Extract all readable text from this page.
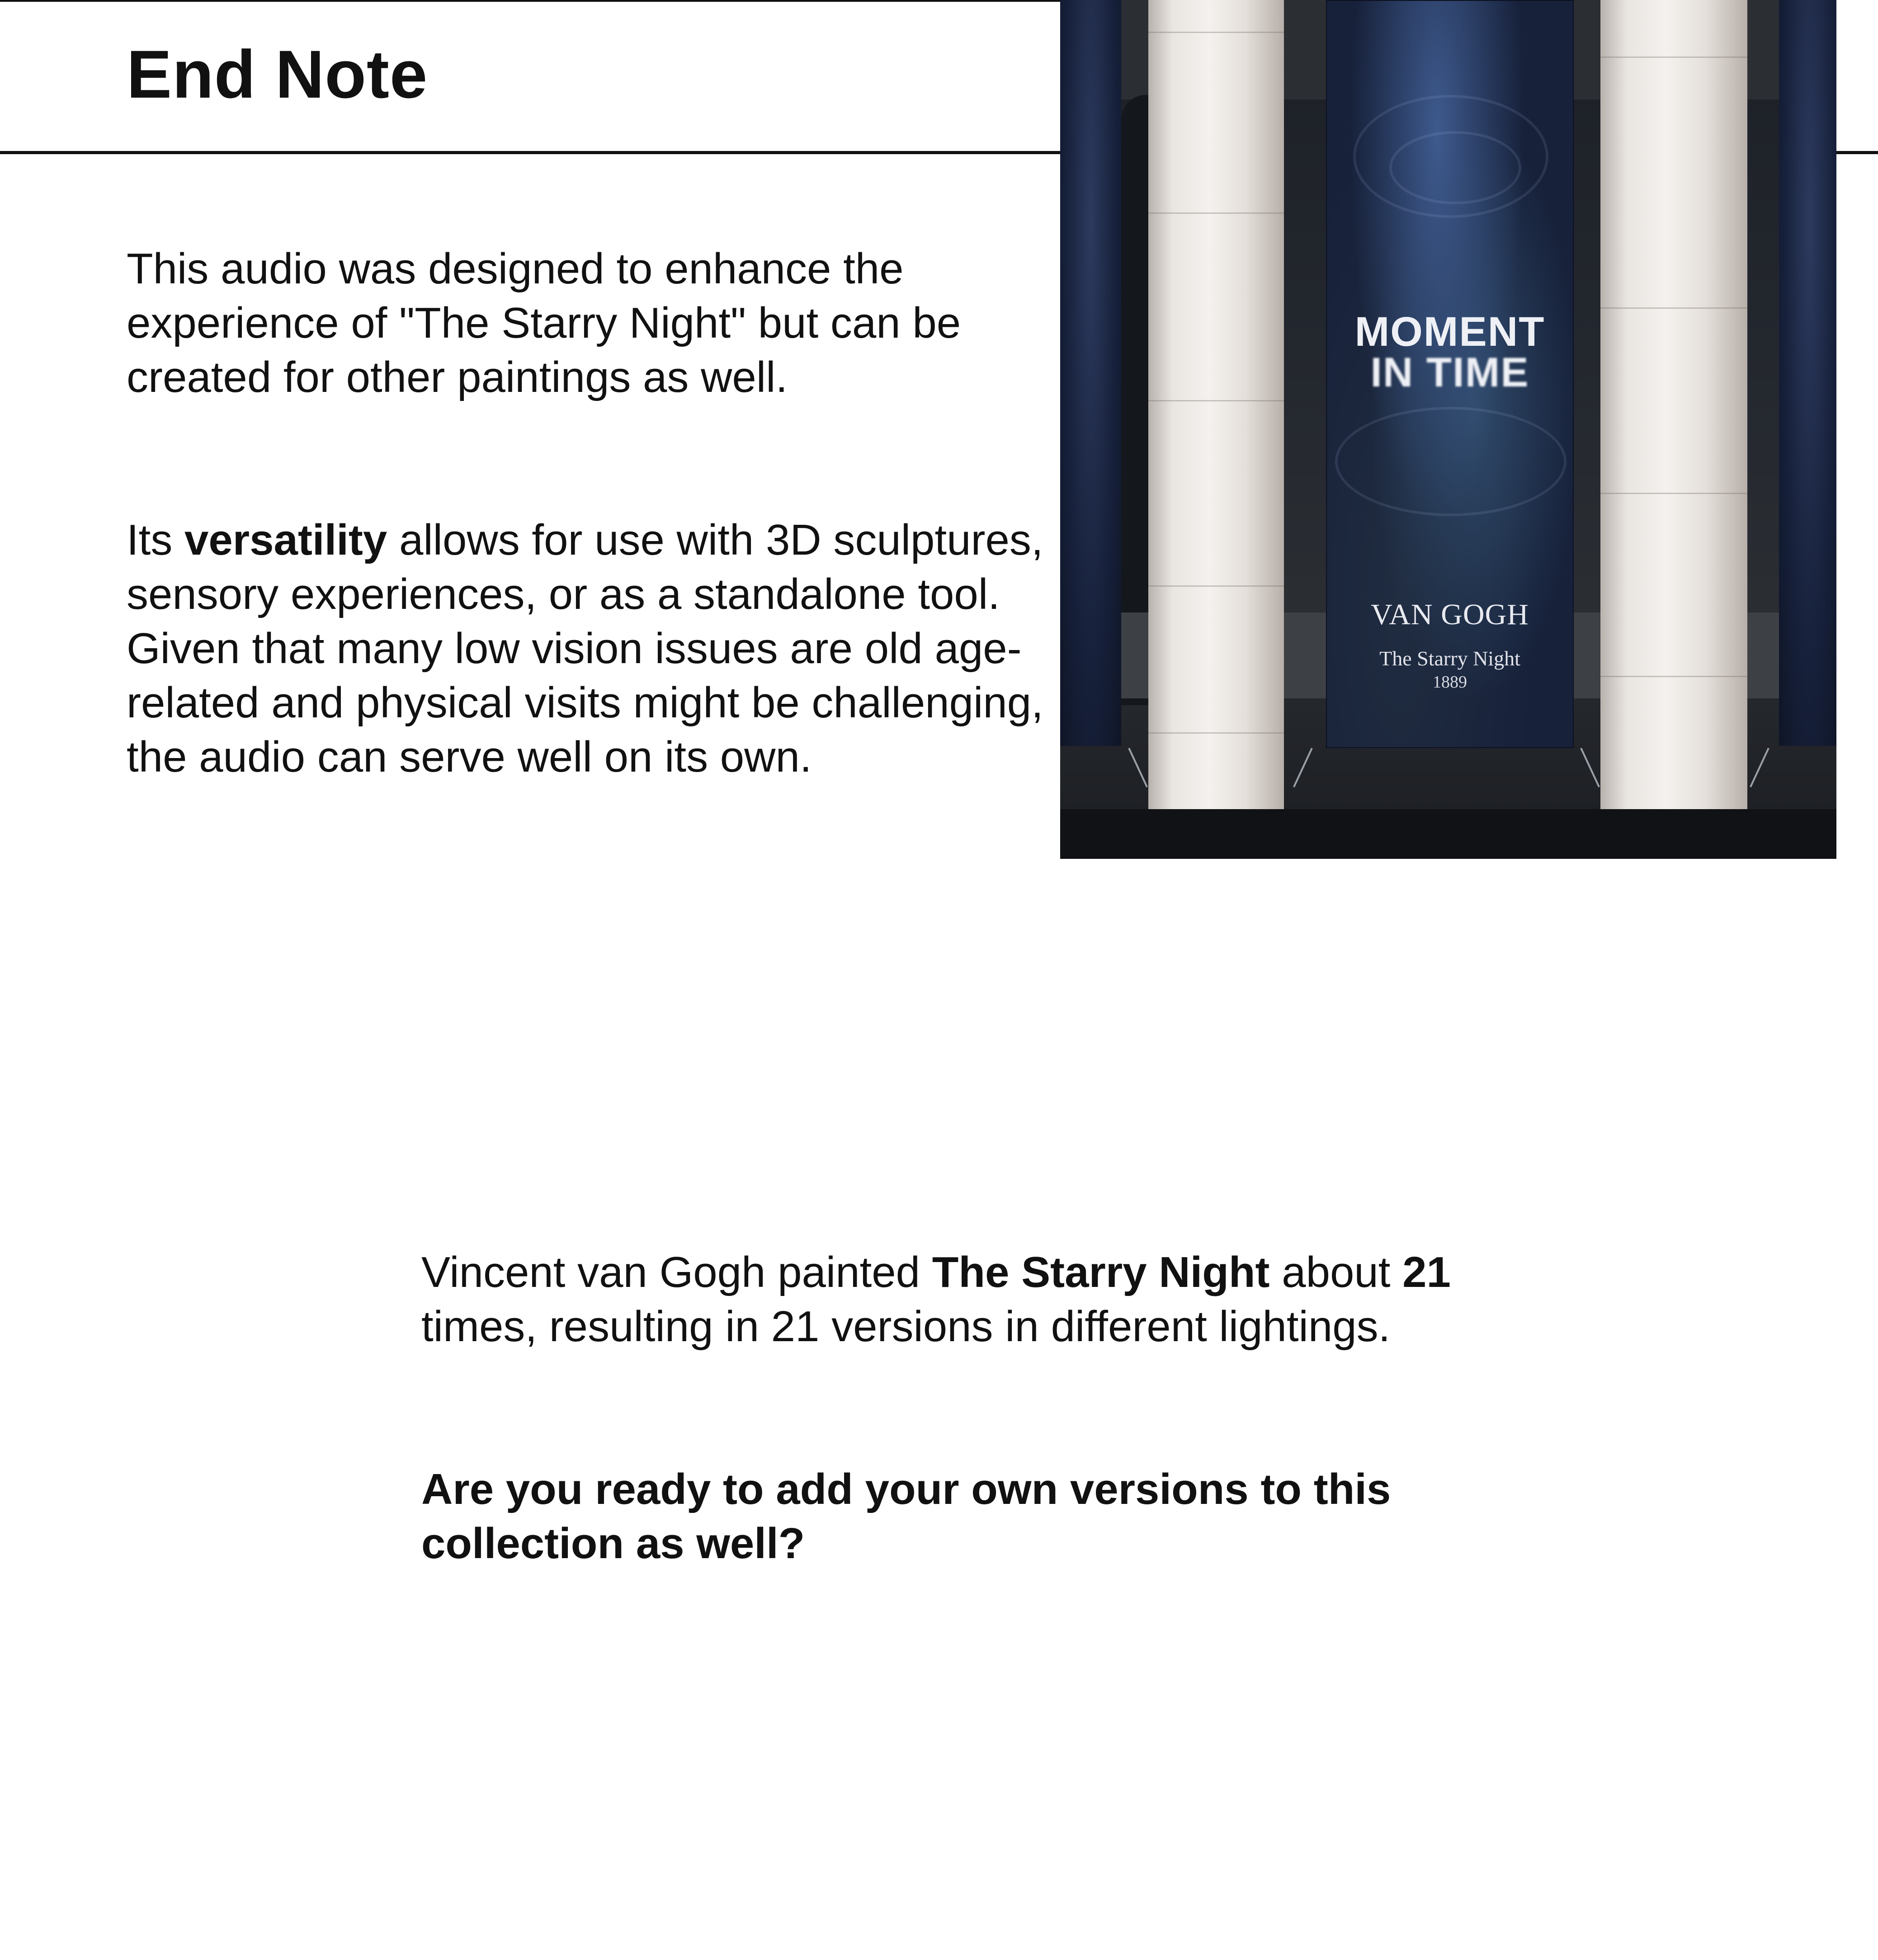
End Note

This audio was designed to enhance the experience of "The Starry Night" but can be created for other paintings as well.

Its versatility allows for use with 3D sculptures, sensory experiences, or as a standalone tool. Given that many low vision issues are old age-related and physical visits might be challenging, the audio can serve well on its own.

MOMENT
IN TIME
VAN GOGH
The Starry Night
1889

Vincent van Gogh painted The Starry Night about 21 times, resulting in 21 versions in different lightings.

Are you ready to add your own versions to this collection as well?
